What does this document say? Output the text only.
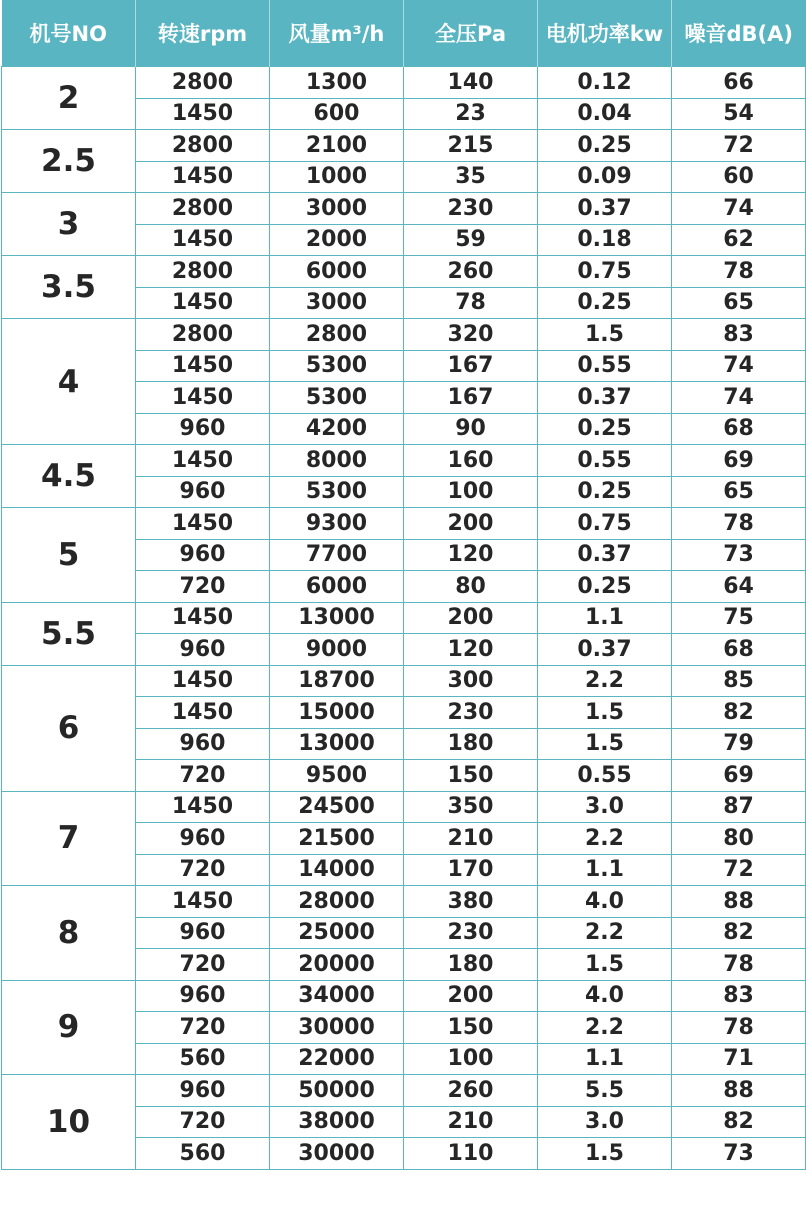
机号NO	转速rpm	风量m³/h	全压Pa	电机功率kw	噪音dB(A)
2	2800	1300	140	0.12	66
	1450	600	23	0.04	54
2.5	2800	2100	215	0.25	72
	1450	1000	35	0.09	60
3	2800	3000	230	0.37	74
	1450	2000	59	0.18	62
3.5	2800	6000	260	0.75	78
	1450	3000	78	0.25	65
4	2800	2800	320	1.5	83
	1450	5300	167	0.55	74
	1450	5300	167	0.37	74
	960	4200	90	0.25	68
4.5	1450	8000	160	0.55	69
	960	5300	100	0.25	65
5	1450	9300	200	0.75	78
	960	7700	120	0.37	73
	720	6000	80	0.25	64
5.5	1450	13000	200	1.1	75
	960	9000	120	0.37	68
6	1450	18700	300	2.2	85
	1450	15000	230	1.5	82
	960	13000	180	1.5	79
	720	9500	150	0.55	69
7	1450	24500	350	3.0	87
	960	21500	210	2.2	80
	720	14000	170	1.1	72
8	1450	28000	380	4.0	88
	960	25000	230	2.2	82
	720	20000	180	1.5	78
9	960	34000	200	4.0	83
	720	30000	150	2.2	78
	560	22000	100	1.1	71
10	960	50000	260	5.5	88
	720	38000	210	3.0	82
	560	30000	110	1.5	73
